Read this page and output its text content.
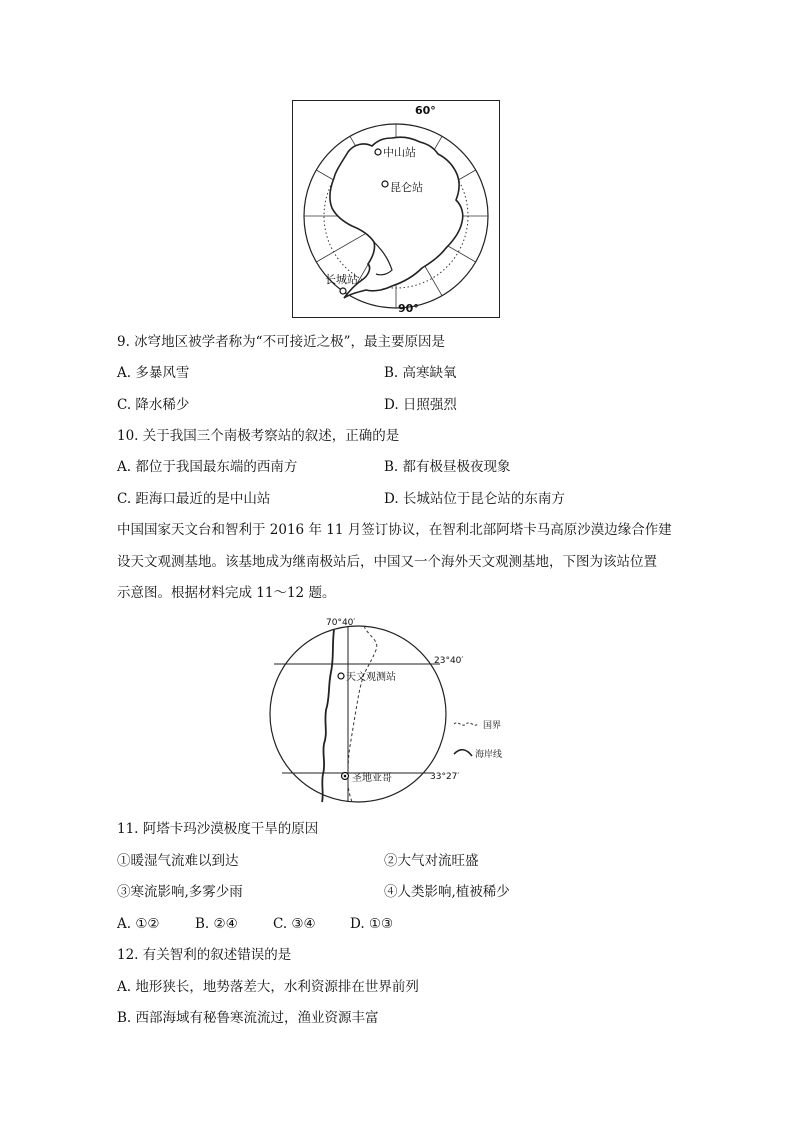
中山站
昆仑站
长城站
60°
90°
9. 冰穹地区被学者称为“不可接近之极”，最主要原因是
A. 多暴风雪	B. 高寒缺氧
C. 降水稀少	D. 日照强烈
10. 关于我国三个南极考察站的叙述，正确的是
A. 都位于我国最东端的西南方	B. 都有极昼极夜现象
C. 距海口最近的是中山站	D. 长城站位于昆仑站的东南方
中国国家天文台和智利于 2016 年 11 月签订协议，在智利北部阿塔卡马高原沙漠边缘合作建
设天文观测基地。该基地成为继南极站后，中国又一个海外天文观测基地，下图为该站位置
示意图。根据材料完成 11～12 题。
天文观测站
圣地亚哥
70°40′
23°40′
33°27′
国界
海岸线
11. 阿塔卡玛沙漠极度干旱的原因
①暖湿气流难以到达	②大气对流旺盛
③寒流影响,多雾少雨	④人类影响,植被稀少
A. ①②	B. ②④	C. ③④	D. ①③
12. 有关智利的叙述错误的是
A. 地形狭长，地势落差大，水利资源排在世界前列
B. 西部海域有秘鲁寒流流过，渔业资源丰富
